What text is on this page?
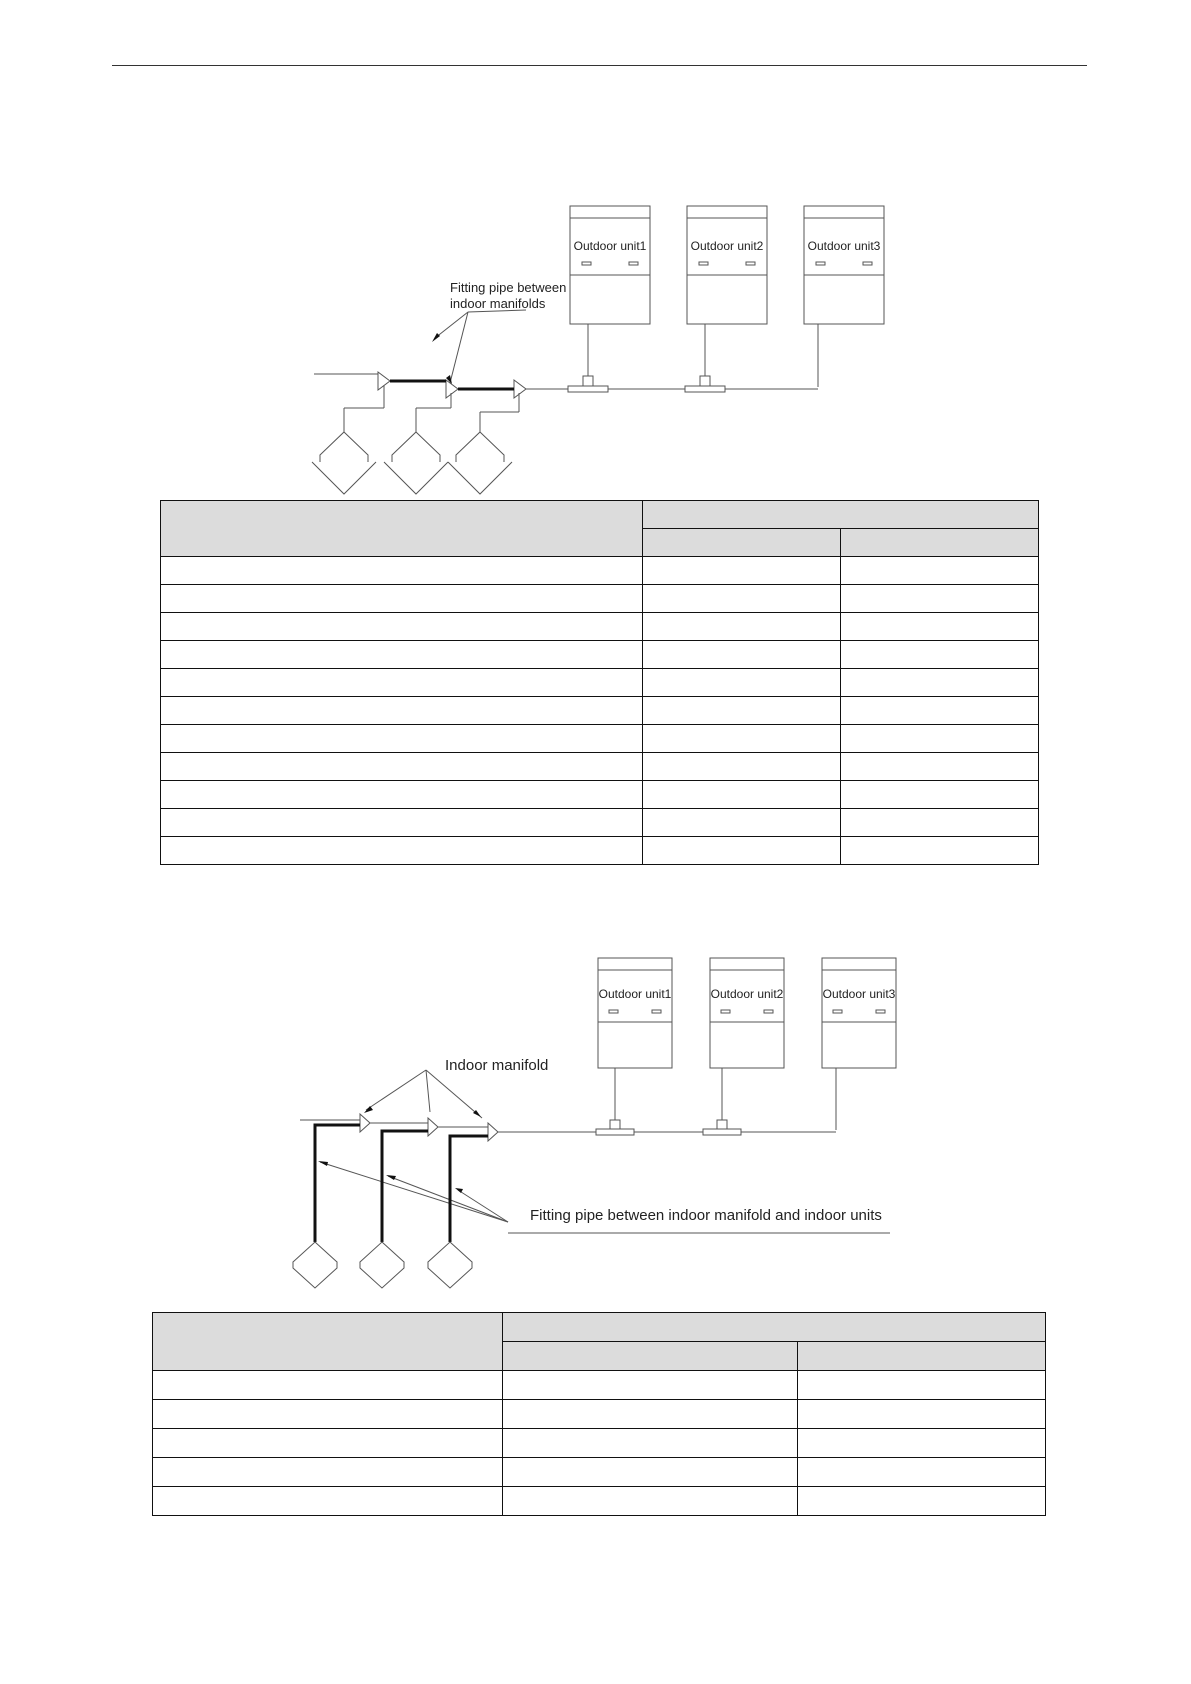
Outdoor unit1	Outdoor unit2	Outdoor unit3
Fitting pipe between
indoor manifolds

Outdoor unit1	Outdoor unit2	Outdoor unit3
Indoor manifold
Fitting pipe between indoor manifold and indoor units
